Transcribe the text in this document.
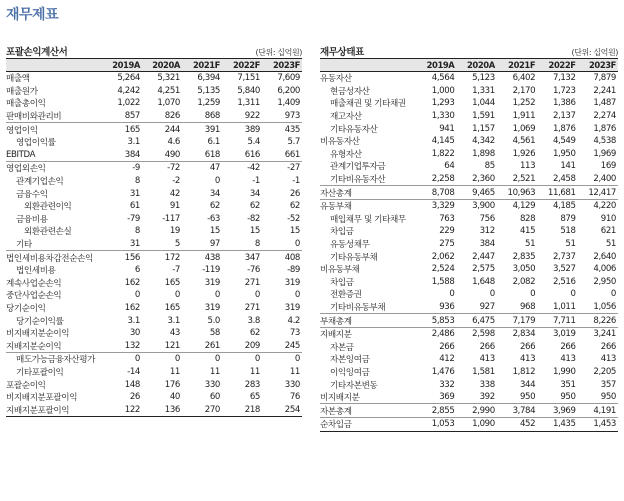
재무제표
포괄손익계산서	(단위: 십억원)
	2019A	2020A	2021F	2022F	2023F
매출액	5,264	5,321	6,394	7,151	7,609
매출원가	4,242	4,251	5,135	5,840	6,200
매출총이익	1,022	1,070	1,259	1,311	1,409
판매비와관리비	857	826	868	922	973
영업이익	165	244	391	389	435
영업이익률	3.1	4.6	6.1	5.4	5.7
EBITDA	384	490	618	616	661
영업외손익	-9	-72	47	-42	-27
관계기업손익	8	-2	0	-1	-1
금융수익	31	42	34	34	26
외환관련이익	61	91	62	62	62
금융비용	-79	-117	-63	-82	-52
외환관련손실	8	19	15	15	15
기타	31	5	97	8	0
법인세비용차감전순손익	156	172	438	347	408
법인세비용	6	-7	-119	-76	-89
계속사업순손익	162	165	319	271	319
중단사업순손익	0	0	0	0	0
당기순이익	162	165	319	271	319
당기순이익률	3.1	3.1	5.0	3.8	4.2
비지배지분순이익	30	43	58	62	73
지배지분순이익	132	121	261	209	245
매도가능금융자산평가	0	0	0	0	0
기타포괄이익	-14	11	11	11	11
포괄순이익	148	176	330	283	330
비지배지분포괄이익	26	40	60	65	76
지배지분포괄이익	122	136	270	218	254
재무상태표	(단위: 십억원)
	2019A	2020A	2021F	2022F	2023F
유동자산	4,564	5,123	6,402	7,132	7,879
현금성자산	1,000	1,331	2,170	1,723	2,241
매출채권 및 기타채권	1,293	1,044	1,252	1,386	1,487
재고자산	1,330	1,591	1,911	2,137	2,274
기타유동자산	941	1,157	1,069	1,876	1,876
비유동자산	4,145	4,342	4,561	4,549	4,538
유형자산	1,822	1,898	1,926	1,950	1,969
관계기업투자금	64	85	113	141	169
기타비유동자산	2,258	2,360	2,521	2,458	2,400
자산총계	8,708	9,465	10,963	11,681	12,417
유동부채	3,329	3,900	4,129	4,185	4,220
매입채무 및 기타채무	763	756	828	879	910
차입금	229	312	415	518	621
유동성채무	275	384	51	51	51
기타유동부채	2,062	2,447	2,835	2,737	2,640
비유동부채	2,524	2,575	3,050	3,527	4,006
차입금	1,588	1,648	2,082	2,516	2,950
전환증권	0	0	0	0	0
기타비유동부채	936	927	968	1,011	1,056
부채총계	5,853	6,475	7,179	7,711	8,226
지배지분	2,486	2,598	2,834	3,019	3,241
자본금	266	266	266	266	266
자본잉여금	412	413	413	413	413
이익잉여금	1,476	1,581	1,812	1,990	2,205
기타자본변동	332	338	344	351	357
비지배지분	369	392	950	950	950
자본총계	2,855	2,990	3,784	3,969	4,191
순차입금	1,053	1,090	452	1,435	1,453
